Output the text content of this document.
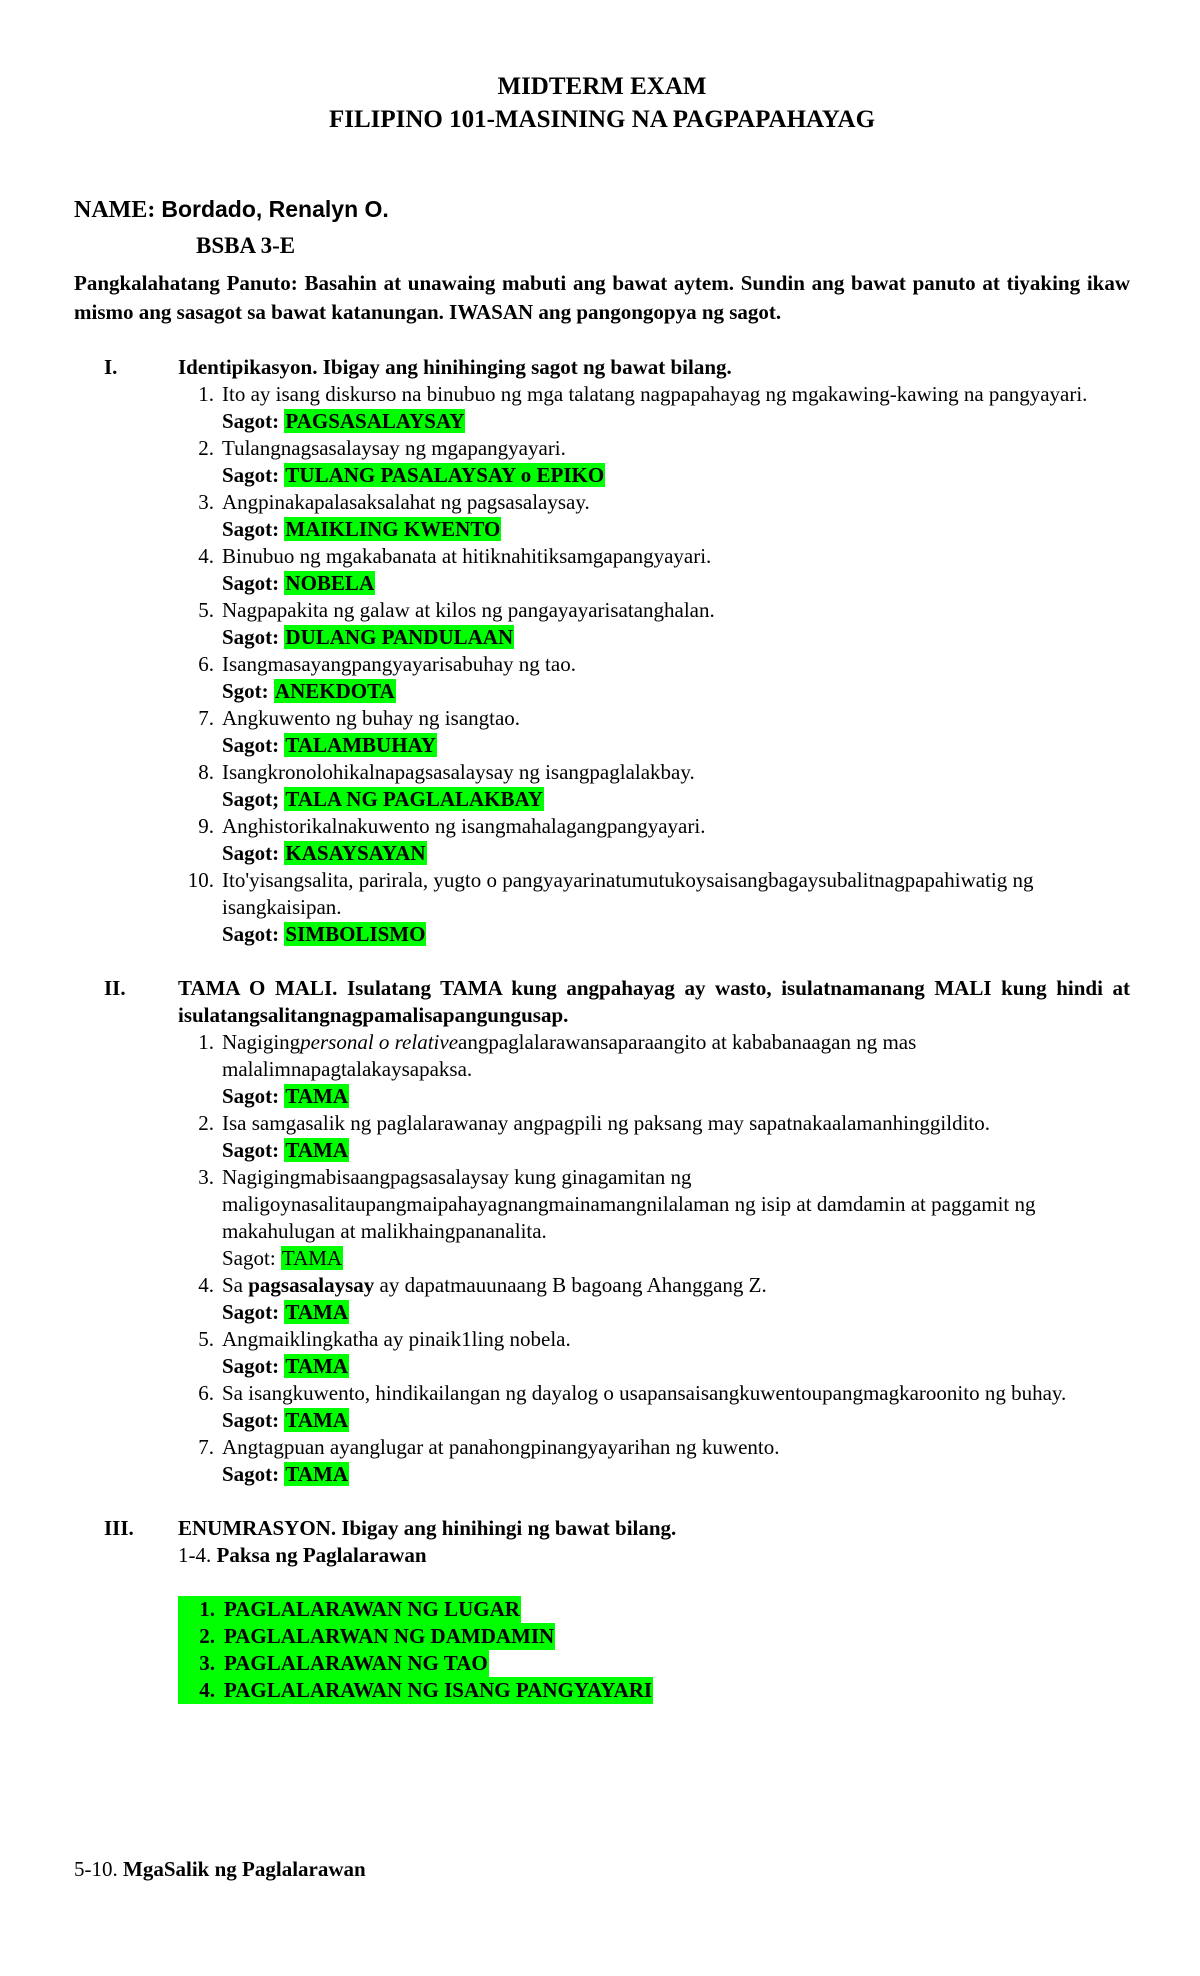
MIDTERM EXAM
FILIPINO 101-MASINING NA PAGPAPAHAYAG
NAME: Bordado, Renalyn O.
BSBA 3-E
Pangkalahatang Panuto: Basahin at unawaing mabuti ang bawat aytem. Sundin ang bawat panuto at tiyaking ikaw mismo ang sasagot sa bawat katanungan. IWASAN ang pangongopya ng sagot.
I.	Identipikasyon. Ibigay ang hinihinging sagot ng bawat bilang.
1. Ito ay isang diskurso na binubuo ng mga talatang nagpapahayag ng mgakawing-kawing na pangyayari.
Sagot: PAGSASALAYSAY
2. Tulangnagsasalaysay ng mgapangyayari.
Sagot: TULANG PASALAYSAY o EPIKO
3. Angpinakapalasaksalahat ng pagsasalaysay.
Sagot: MAIKLING KWENTO
4. Binubuo ng mgakabanata at hitiknahitiksamgapangyayari.
Sagot: NOBELA
5. Nagpapakita ng galaw at kilos ng pangayayarisatanghalan.
Sagot: DULANG PANDULAAN
6. Isangmasayangpangyayarisabuhay ng tao.
Sgot: ANEKDOTA
7. Angkuwento ng buhay ng isangtao.
Sagot: TALAMBUHAY
8. Isangkronolohikalnapagsasalaysay ng isangpaglalakbay.
Sagot; TALA NG PAGLALAKBAY
9. Anghistorikalnakuwento ng isangmahalagangpangyayari.
Sagot: KASAYSAYAN
10. Ito'yisangsalita, parirala, yugto o pangyayarinatumutukoysaisangbagaysubalitnagpapahiwatig ng isangkaisipan.
Sagot: SIMBOLISMO
II.	TAMA O MALI. Isulatang TAMA kung angpahayag ay wasto, isulatnamanang MALI kung hindi at isulatangsalitangnagpamalisapangungusap.
1. Nagigingpersonal o relativeangpaglalarawansaparaangito at kababanaagan ng mas malalimnapagtalakaysapaksa.
Sagot: TAMA
2. Isa samgasalik ng paglalarawanay angpagpili ng paksang may sapatnakaalamanhinggildito.
Sagot: TAMA
3. Nagigingmabisaangpagsasalaysay kung ginagamitan ng maligoynasalitaupangmaipahayagnangmainamangnilalaman ng isip at damdamin at paggamit ng makahulugan at malikhaingpananalita.
Sagot: TAMA
4. Sa pagsasalaysay ay dapatmauunaang B bagoang Ahanggang Z.
Sagot: TAMA
5. Angmaiklingkatha ay pinaik1ling nobela.
Sagot: TAMA
6. Sa isangkuwento, hindikailangan ng dayalog o usapansaisangkuwentoupangmagkaroonito ng buhay.
Sagot: TAMA
7. Angtagpuan ayanglugar at panahongpinangyayarihan ng kuwento.
Sagot: TAMA
III.	ENUMRASYON. Ibigay ang hinihingi ng bawat bilang.
1-4. Paksa ng Paglalarawan
1. PAGLALARAWAN NG LUGAR
2. PAGLALARWAN NG DAMDAMIN
3. PAGLALARAWAN NG TAO
4. PAGLALARAWAN NG ISANG PANGYAYARI
5-10. MgaSalik ng Paglalarawan
